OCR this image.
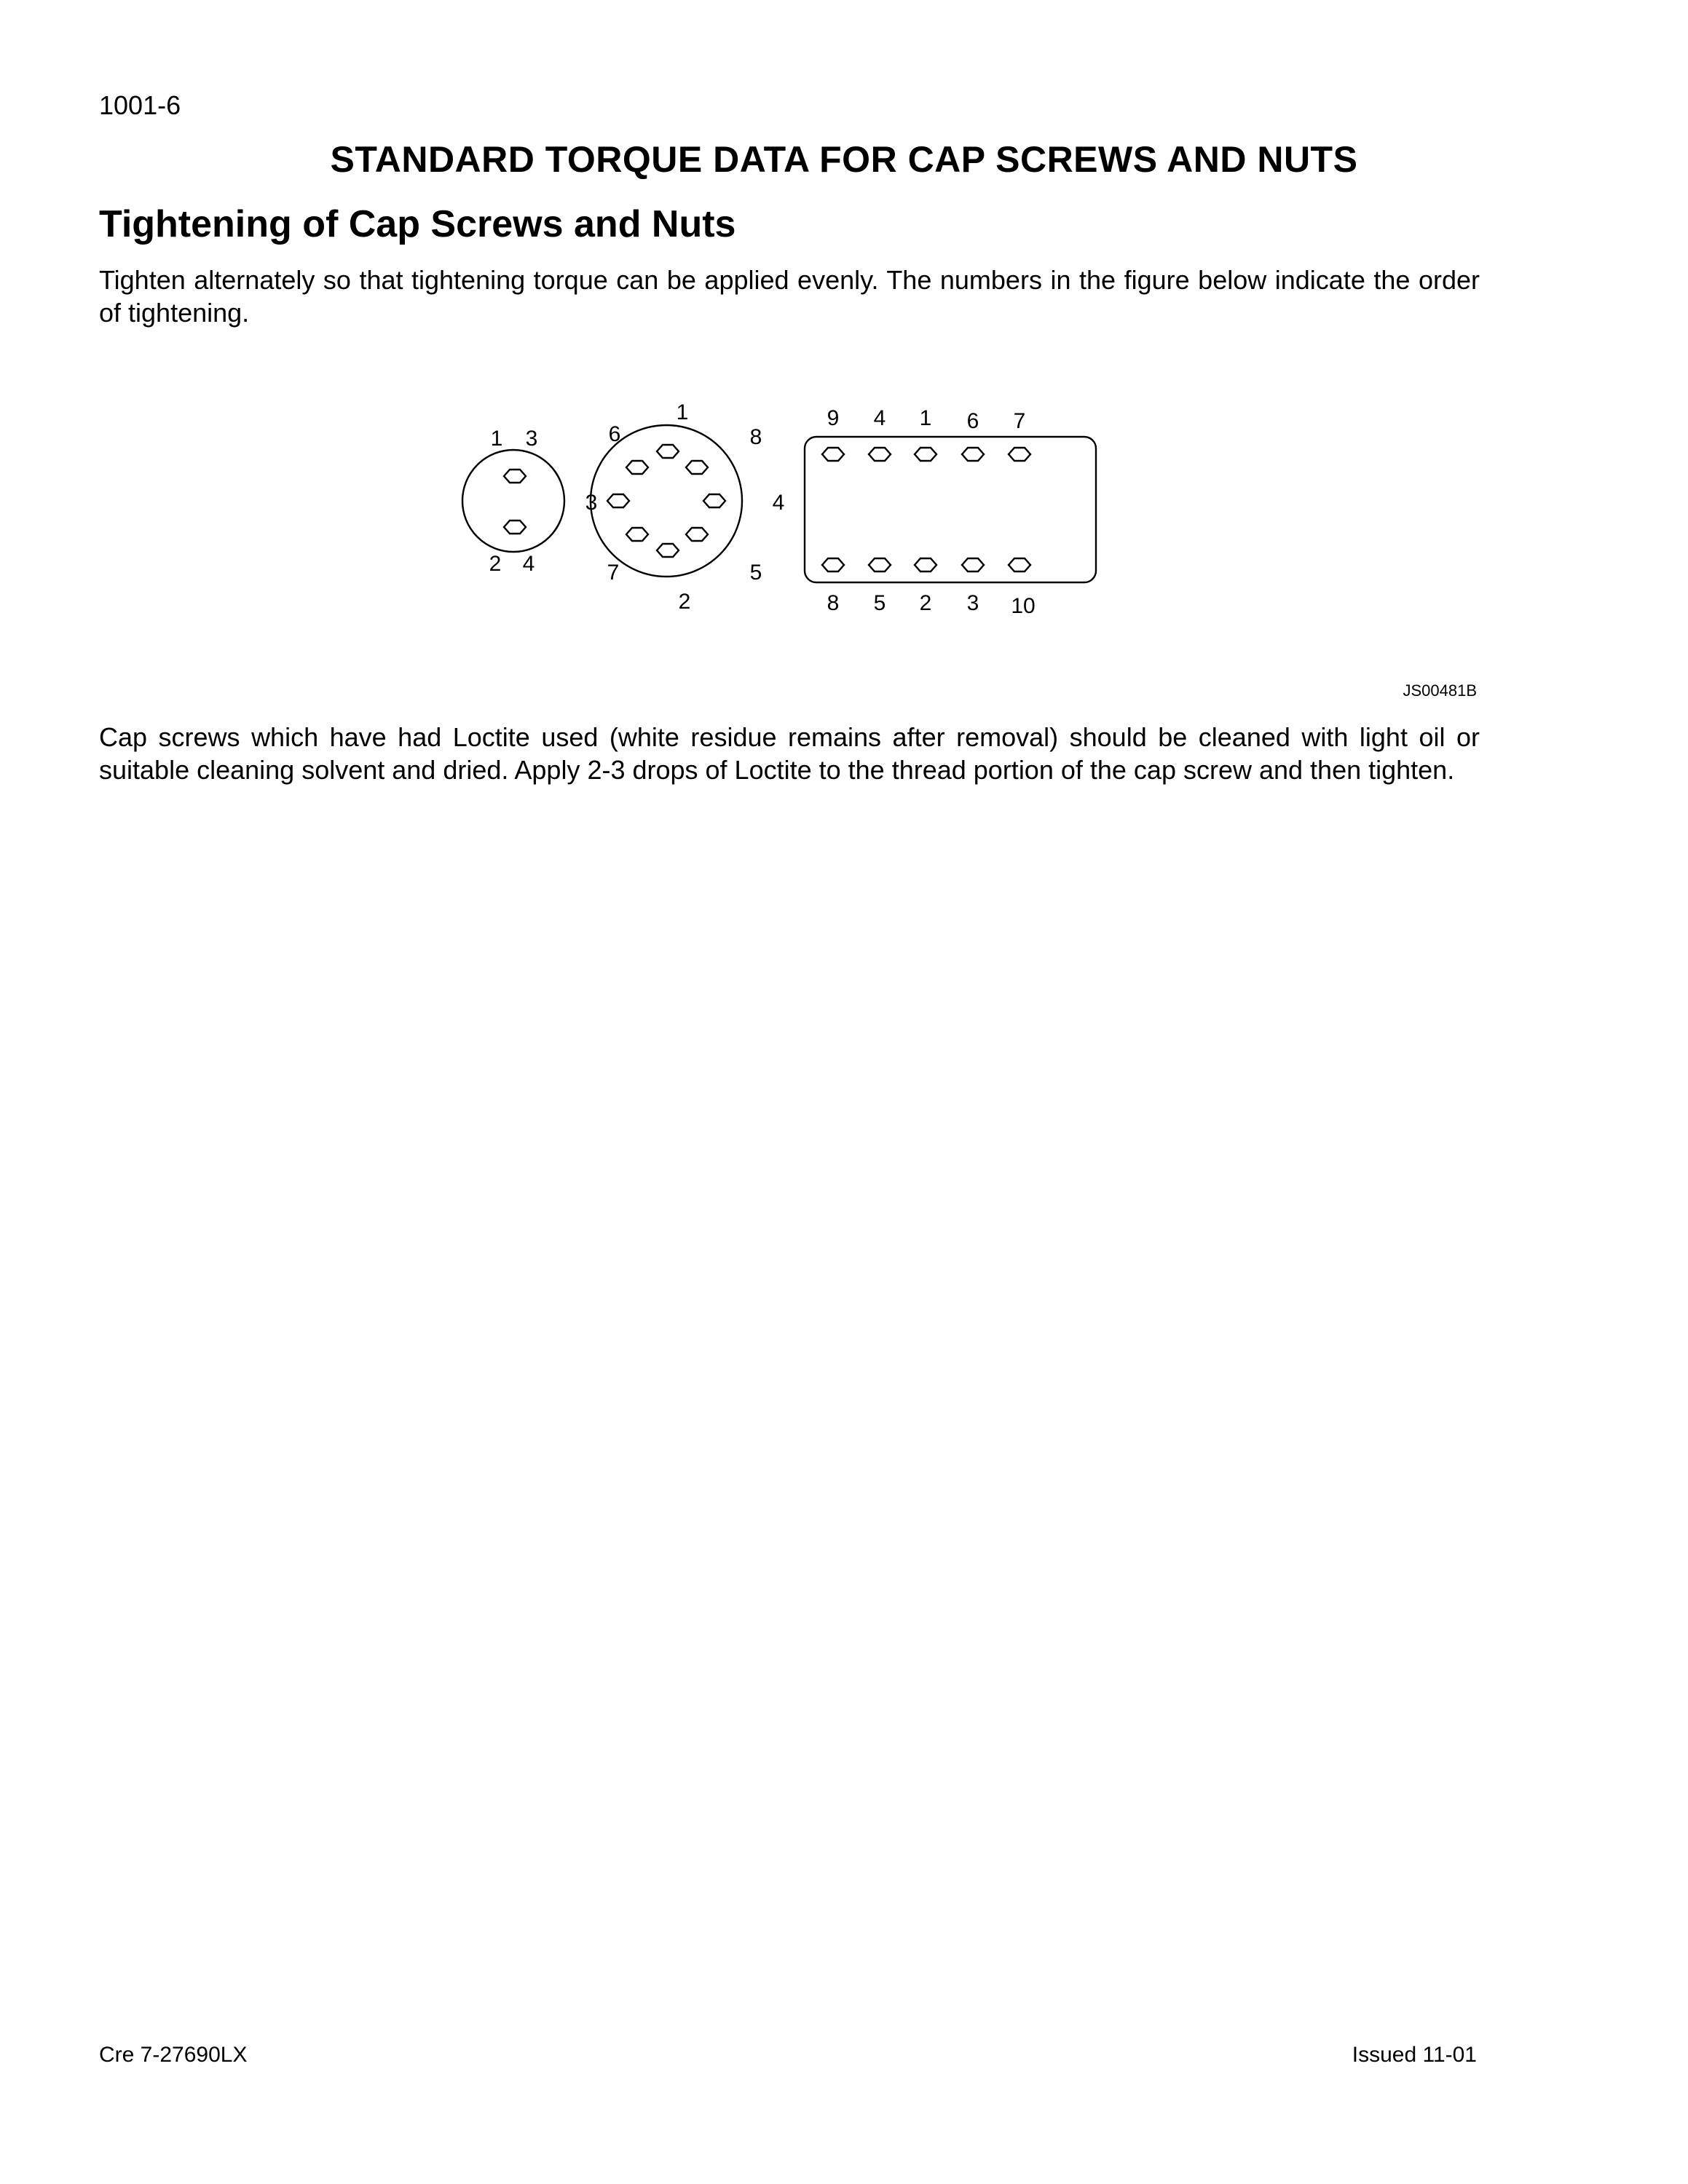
1001-6
STANDARD TORQUE DATA FOR CAP SCREWS AND NUTS
Tightening of Cap Screws and Nuts

Tighten alternately so that tightening torque can be applied evenly. The numbers in the figure below indicate the order of tightening.

1 3
2 4
1
8
4
5
2
7
3
6
9 4 1 6 7
8 5 2 3 10
JS00481B

Cap screws which have had Loctite used (white residue remains after removal) should be cleaned with light oil or suitable cleaning solvent and dried. Apply 2-3 drops of Loctite to the thread portion of the cap screw and then tighten.

Cre 7-27690LX	Issued 11-01
